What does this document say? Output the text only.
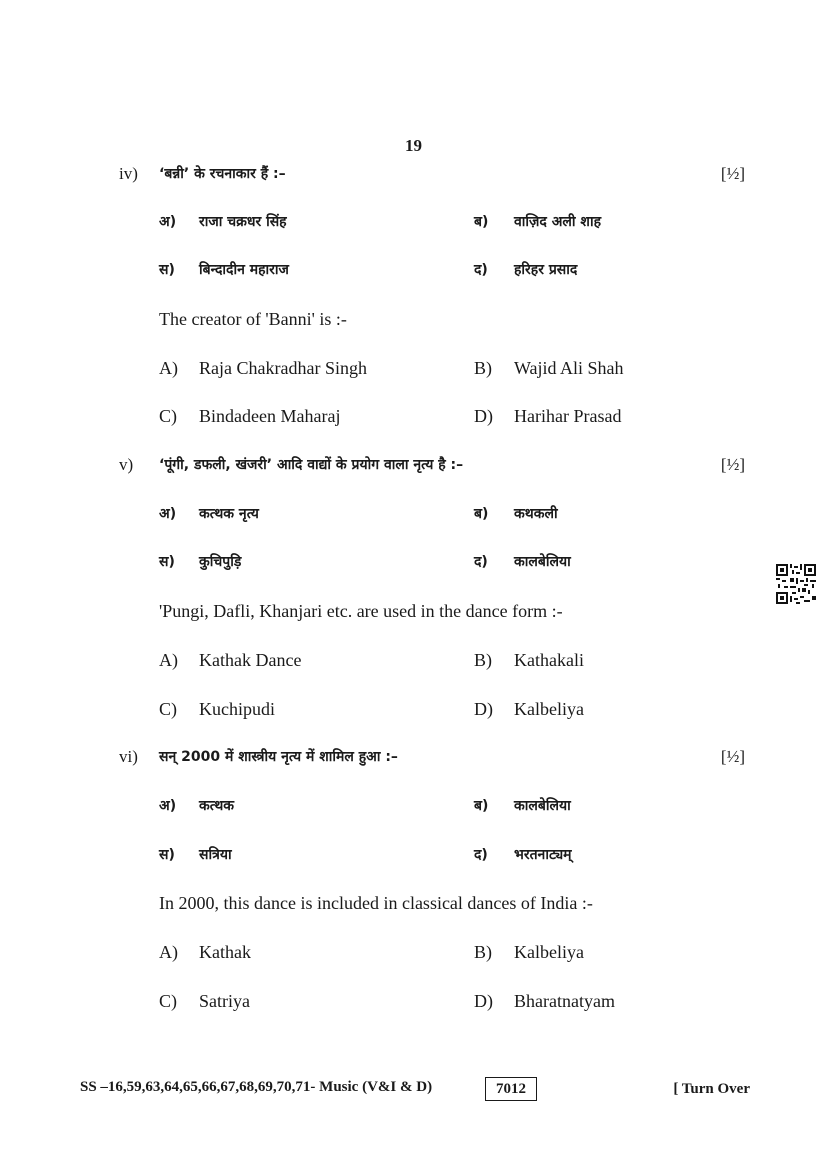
19
iv) ‘बन्नी’ के रचनाकार हैं :–	[½]
अ) राजा चक्रधर सिंह	ब) वाज़िद अली शाह
स) बिन्दादीन महाराज	द) हरिहर प्रसाद
The creator of 'Banni' is :-
A) Raja Chakradhar Singh	B) Wajid Ali Shah
C) Bindadeen Maharaj	D) Harihar Prasad
v) ‘पूंगी, डफली, खंजरी’ आदि वाद्यों के प्रयोग वाला नृत्य है :–	[½]
अ) कत्थक नृत्य	ब) कथकली
स) कुचिपुड़ि	द) कालबेलिया
'Pungi, Dafli, Khanjari etc. are used in the dance form :-
A) Kathak Dance	B) Kathakali
C) Kuchipudi	D) Kalbeliya
vi) सन् 2000 में शास्त्रीय नृत्य में शामिल हुआ :–	[½]
अ) कत्थक	ब) कालबेलिया
स) सत्रिया	द) भरतनाट्यम्
In 2000, this dance is included in classical dances of India :-
A) Kathak	B) Kalbeliya
C) Satriya	D) Bharatnatyam
SS –16,59,63,64,65,66,67,68,69,70,71- Music (V&I & D)	7012	[ Turn Over
